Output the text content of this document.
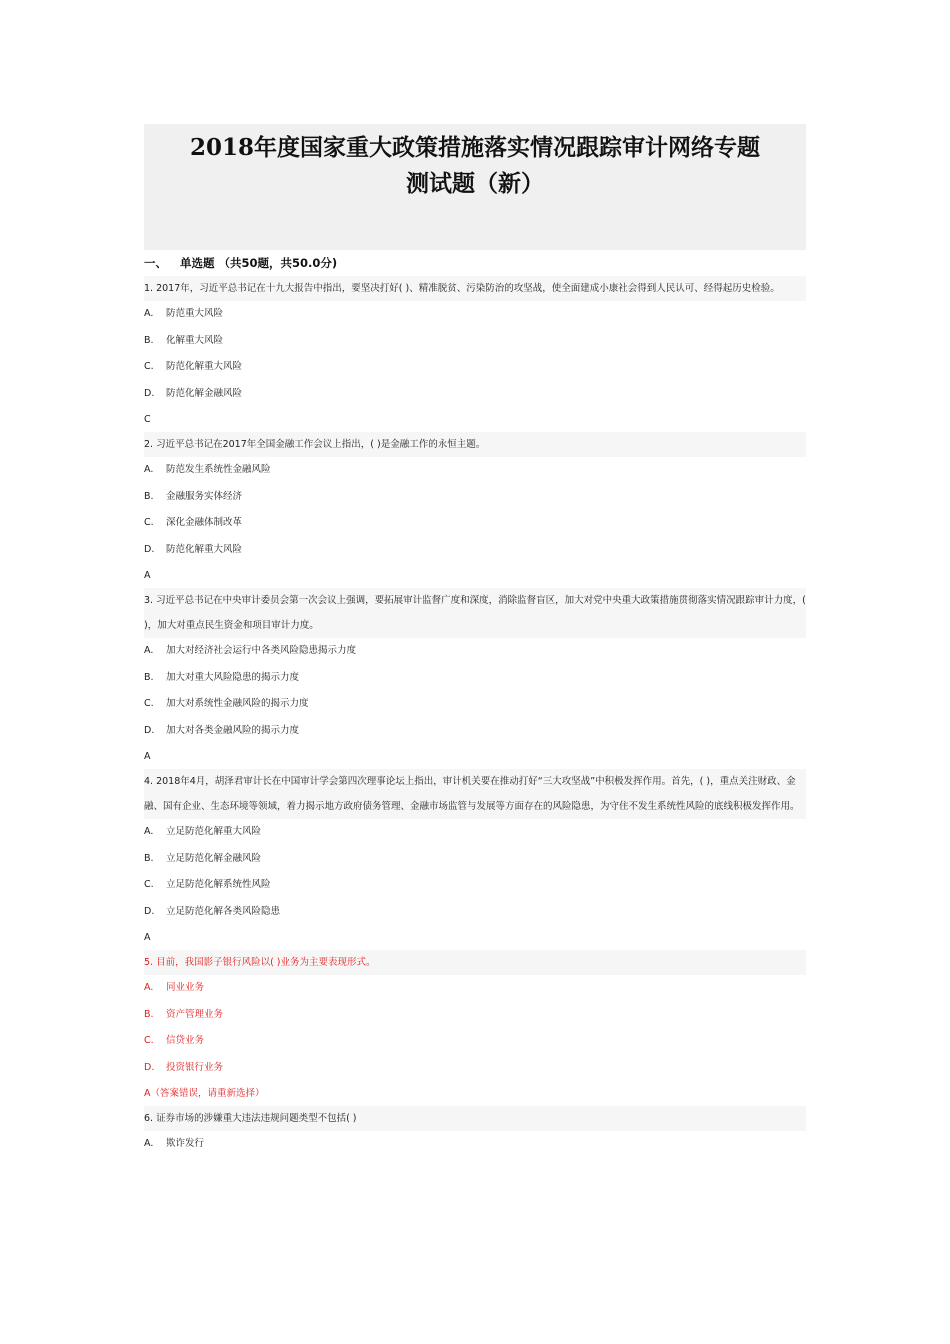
2018年度国家重大政策措施落实情况跟踪审计网络专题
测试题（新）
一、 单选题 （共50题，共50.0分)
1. 2017年，习近平总书记在十九大报告中指出，要坚决打好( )、精准脱贫、污染防治的攻坚战，使全面建成小康社会得到人民认可、经得起历史检验。
A. 防范重大风险
B. 化解重大风险
C. 防范化解重大风险
D. 防范化解金融风险
C
2. 习近平总书记在2017年全国金融工作会议上指出，( )是金融工作的永恒主题。
A. 防范发生系统性金融风险
B. 金融服务实体经济
C. 深化金融体制改革
D. 防范化解重大风险
A
3. 习近平总书记在中央审计委员会第一次会议上强调，要拓展审计监督广度和深度，消除监督盲区，加大对党中央重大政策措施贯彻落实情况跟踪审计力度，( )，加大对重点民生资金和项目审计力度。
A. 加大对经济社会运行中各类风险隐患揭示力度
B. 加大对重大风险隐患的揭示力度
C. 加大对系统性金融风险的揭示力度
D. 加大对各类金融风险的揭示力度
A
4. 2018年4月，胡泽君审计长在中国审计学会第四次理事论坛上指出，审计机关要在推动打好“三大攻坚战”中积极发挥作用。首先，( )，重点关注财政、金融、国有企业、生态环境等领域，着力揭示地方政府债务管理、金融市场监管与发展等方面存在的风险隐患，为守住不发生系统性风险的底线积极发挥作用。
A. 立足防范化解重大风险
B. 立足防范化解金融风险
C. 立足防范化解系统性风险
D. 立足防范化解各类风险隐患
A
5. 目前，我国影子银行风险以( )业务为主要表现形式。
A. 同业业务
B. 资产管理业务
C. 信贷业务
D. 投资银行业务
A（答案错误，请重新选择）
6. 证券市场的涉嫌重大违法违规问题类型不包括( )
A. 欺诈发行
